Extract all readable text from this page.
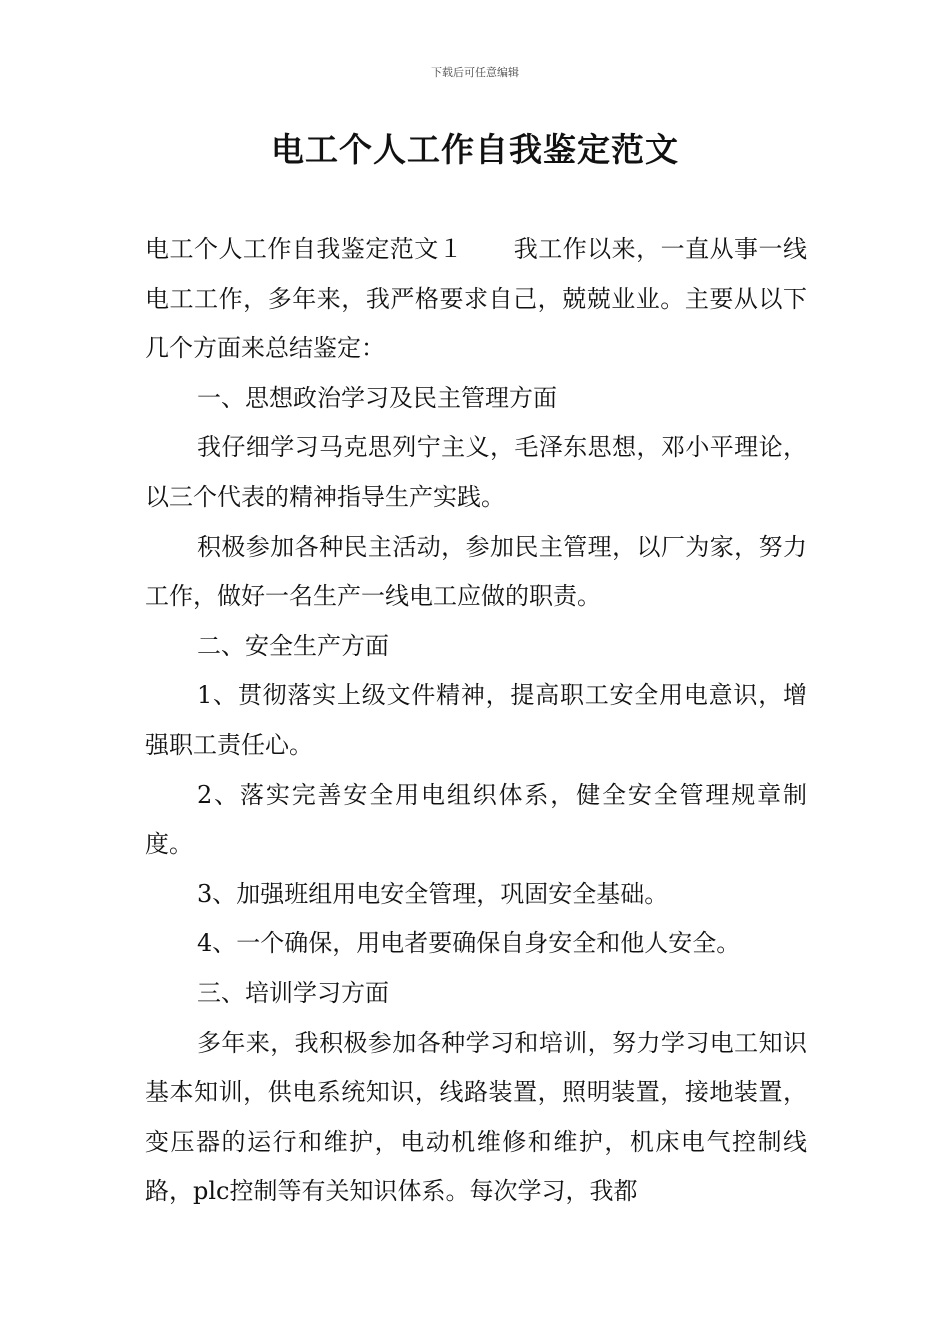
下载后可任意编辑
电工个人工作自我鉴定范文

电工个人工作自我鉴定范文１ 我工作以来，一直从事一线电工工作，多年来，我严格要求自己，兢兢业业。主要从以下几个方面来总结鉴定：

一、思想政治学习及民主管理方面

我仔细学习马克思列宁主义，毛泽东思想，邓小平理论，以三个代表的精神指导生产实践。

积极参加各种民主活动，参加民主管理，以厂为家，努力工作，做好一名生产一线电工应做的职责。

二、安全生产方面

1、贯彻落实上级文件精神，提高职工安全用电意识，增强职工责任心。

2、落实完善安全用电组织体系，健全安全管理规章制度。

3、加强班组用电安全管理，巩固安全基础。

4、一个确保，用电者要确保自身安全和他人安全。

三、培训学习方面

多年来，我积极参加各种学习和培训，努力学习电工知识基本知训，供电系统知识，线路装置，照明装置，接地装置，变压器的运行和维护，电动机维修和维护，机床电气控制线路，plc控制等有关知识体系。每次学习，我都
